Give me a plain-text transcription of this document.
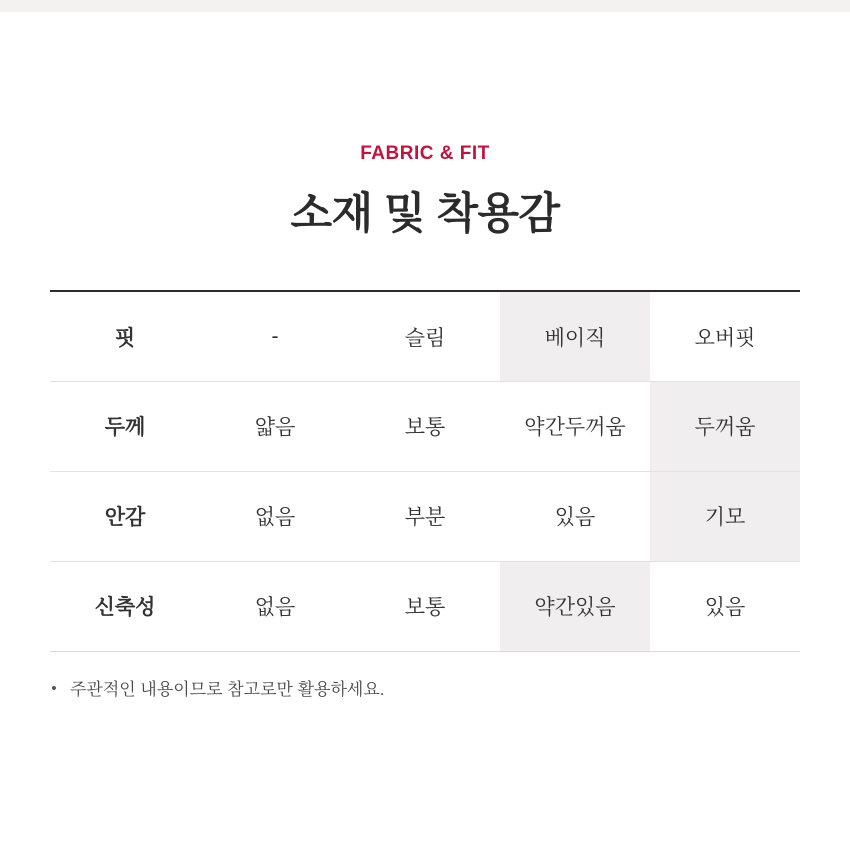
FABRIC & FIT
소재 및 착용감
핏	-	슬림	베이직	오버핏
두께	얇음	보통	약간두꺼움	두꺼움
안감	없음	부분	있음	기모
신축성	없음	보통	약간있음	있음
• 주관적인 내용이므로 참고로만 활용하세요.
